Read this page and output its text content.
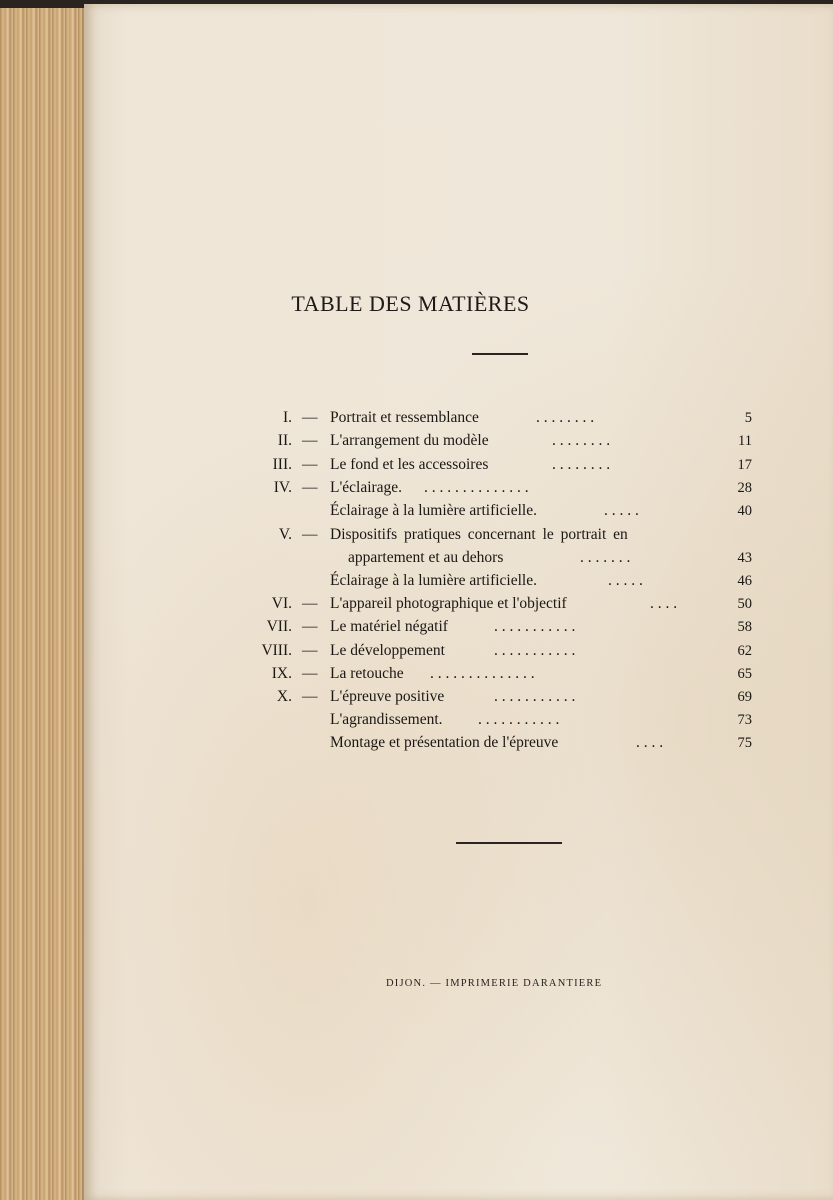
TABLE DES MATIÈRES
I. — Portrait et ressemblance	. . . . . . . .	5
II. — L'arrangement du modèle	. . . . . . . .	11
III. — Le fond et les accessoires	. . . . . . . .	17
IV. — L'éclairage. . . . . . . . . . . . . . .	28
Éclairage à la lumière artificielle.	. . . . .	40
V. — Dispositifs pratiques concernant le portrait en
appartement et au dehors	. . . . . . .	43
Éclairage à la lumière artificielle.	. . . . .	46
VI. — L'appareil photographique et l'objectif	. . . .	50
VII. — Le matériel négatif	. . . . . . . . . . .	58
VIII. — Le développement	. . . . . . . . . . .	62
IX. — La retouche . . . . . . . . . . . . . .	65
X. — L'épreuve positive	. . . . . . . . . . .	69
L'agrandissement. . . . . . . . . . . .	73
Montage et présentation de l'épreuve	. . . .	75
DIJON. — IMPRIMERIE DARANTIERE
